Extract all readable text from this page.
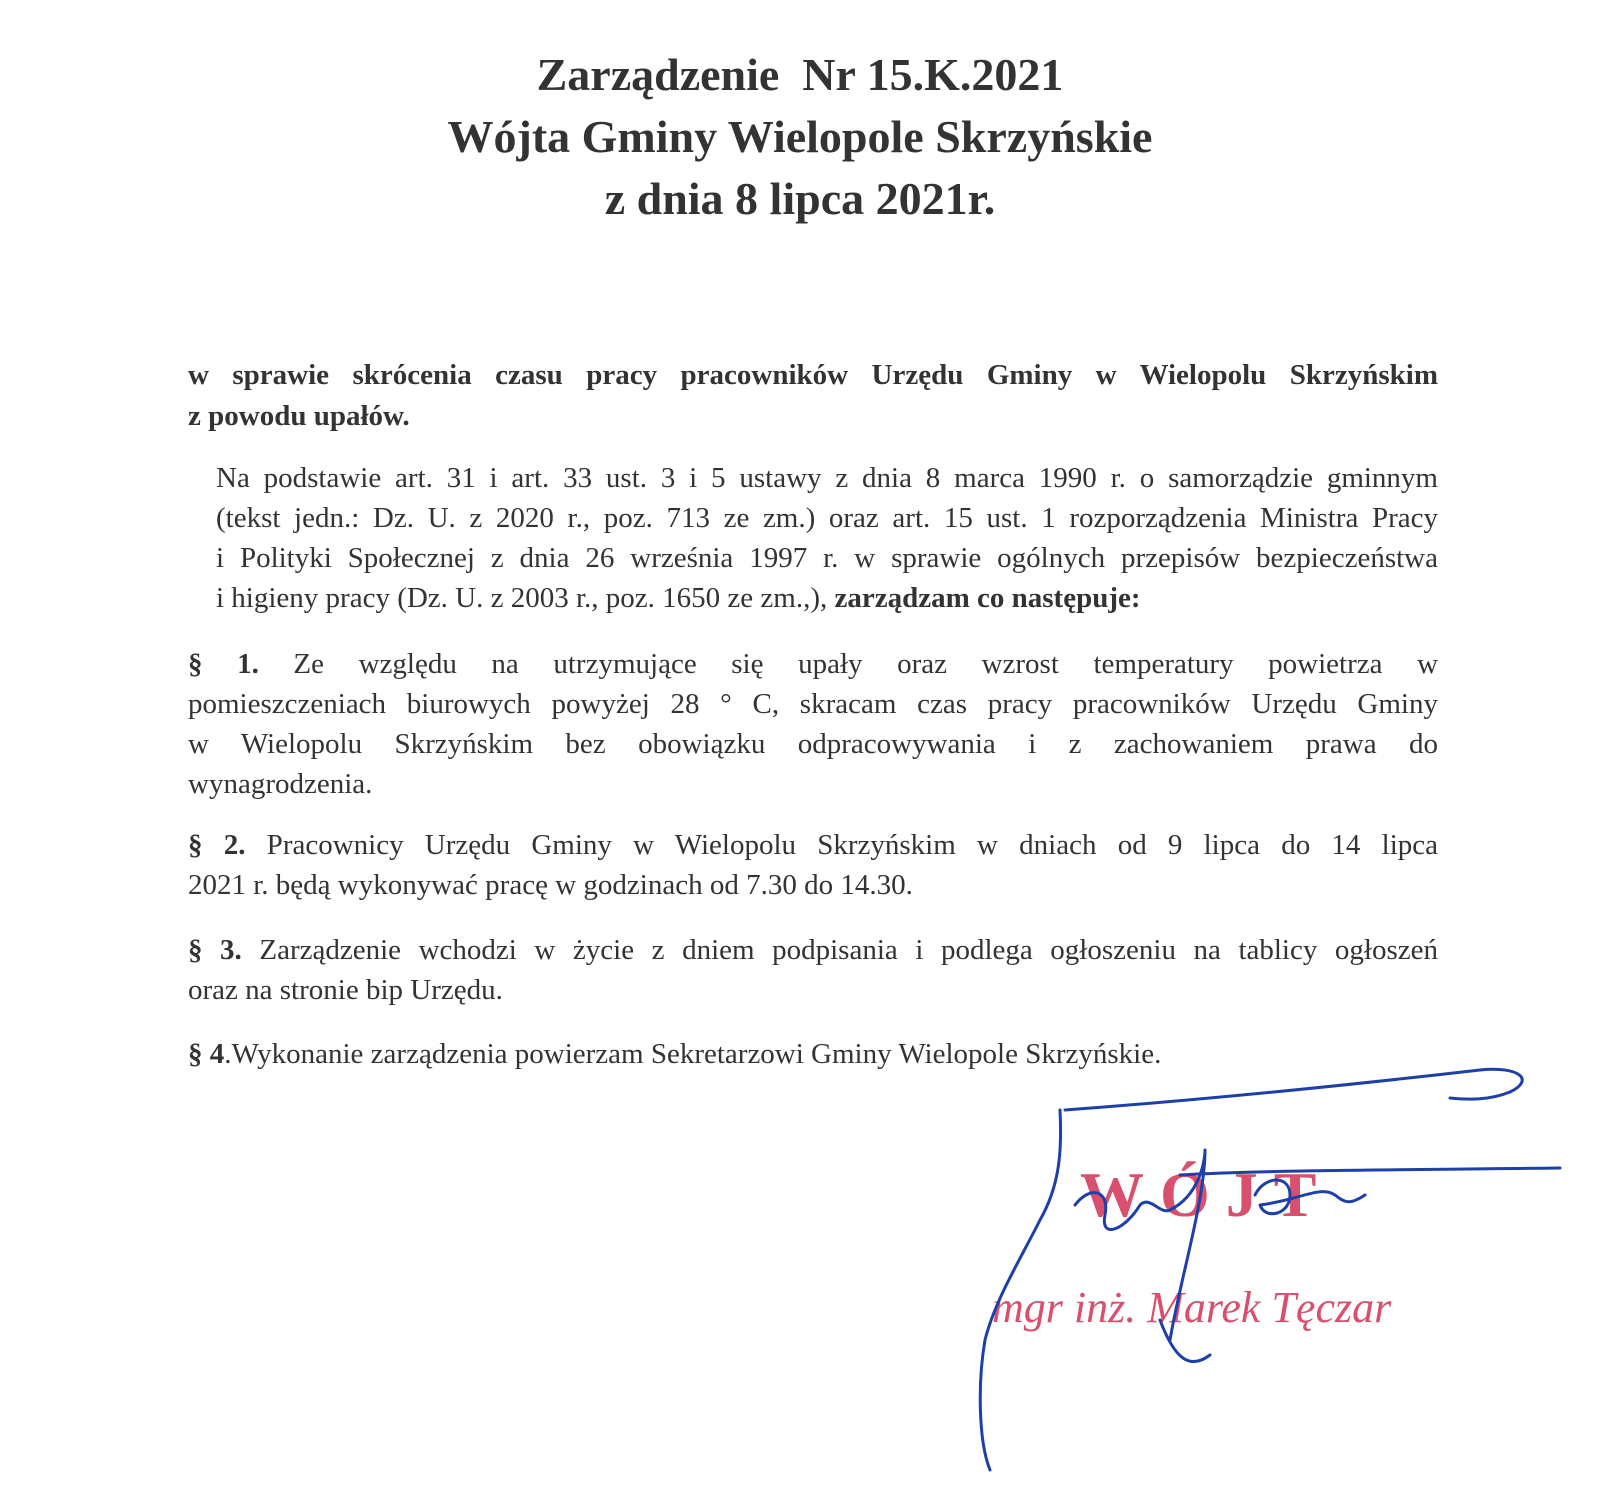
Zarządzenie  Nr 15.K.2021
Wójta Gminy Wielopole Skrzyńskie
z dnia 8 lipca 2021r.
w sprawie skrócenia czasu pracy pracowników Urzędu Gminy w Wielopolu Skrzyńskim
z powodu upałów.
Na podstawie art. 31 i art. 33 ust. 3 i 5 ustawy z dnia 8 marca 1990 r. o samorządzie gminnym
(tekst jedn.: Dz. U. z 2020 r., poz. 713 ze zm.) oraz art. 15 ust. 1 rozporządzenia Ministra Pracy
i Polityki Społecznej z dnia 26 września 1997 r. w sprawie ogólnych przepisów bezpieczeństwa
i higieny pracy (Dz. U. z 2003 r., poz. 1650 ze zm.,), zarządzam co następuje:
§ 1. Ze względu na utrzymujące się upały oraz wzrost temperatury powietrza w
pomieszczeniach biurowych powyżej 28 ° C, skracam czas pracy pracowników Urzędu Gminy
w Wielopolu Skrzyńskim bez obowiązku odpracowywania i z zachowaniem prawa do
wynagrodzenia.
§ 2. Pracownicy Urzędu Gminy w Wielopolu Skrzyńskim w dniach od 9 lipca do 14 lipca
2021 r. będą wykonywać pracę w godzinach od 7.30 do 14.30.
§ 3. Zarządzenie wchodzi w życie z dniem podpisania i podlega ogłoszeniu na tablicy ogłoszeń
oraz na stronie bip Urzędu.
§ 4.Wykonanie zarządzenia powierzam Sekretarzowi Gminy Wielopole Skrzyńskie.
WÓJT
mgr inż. Marek Tęczar
